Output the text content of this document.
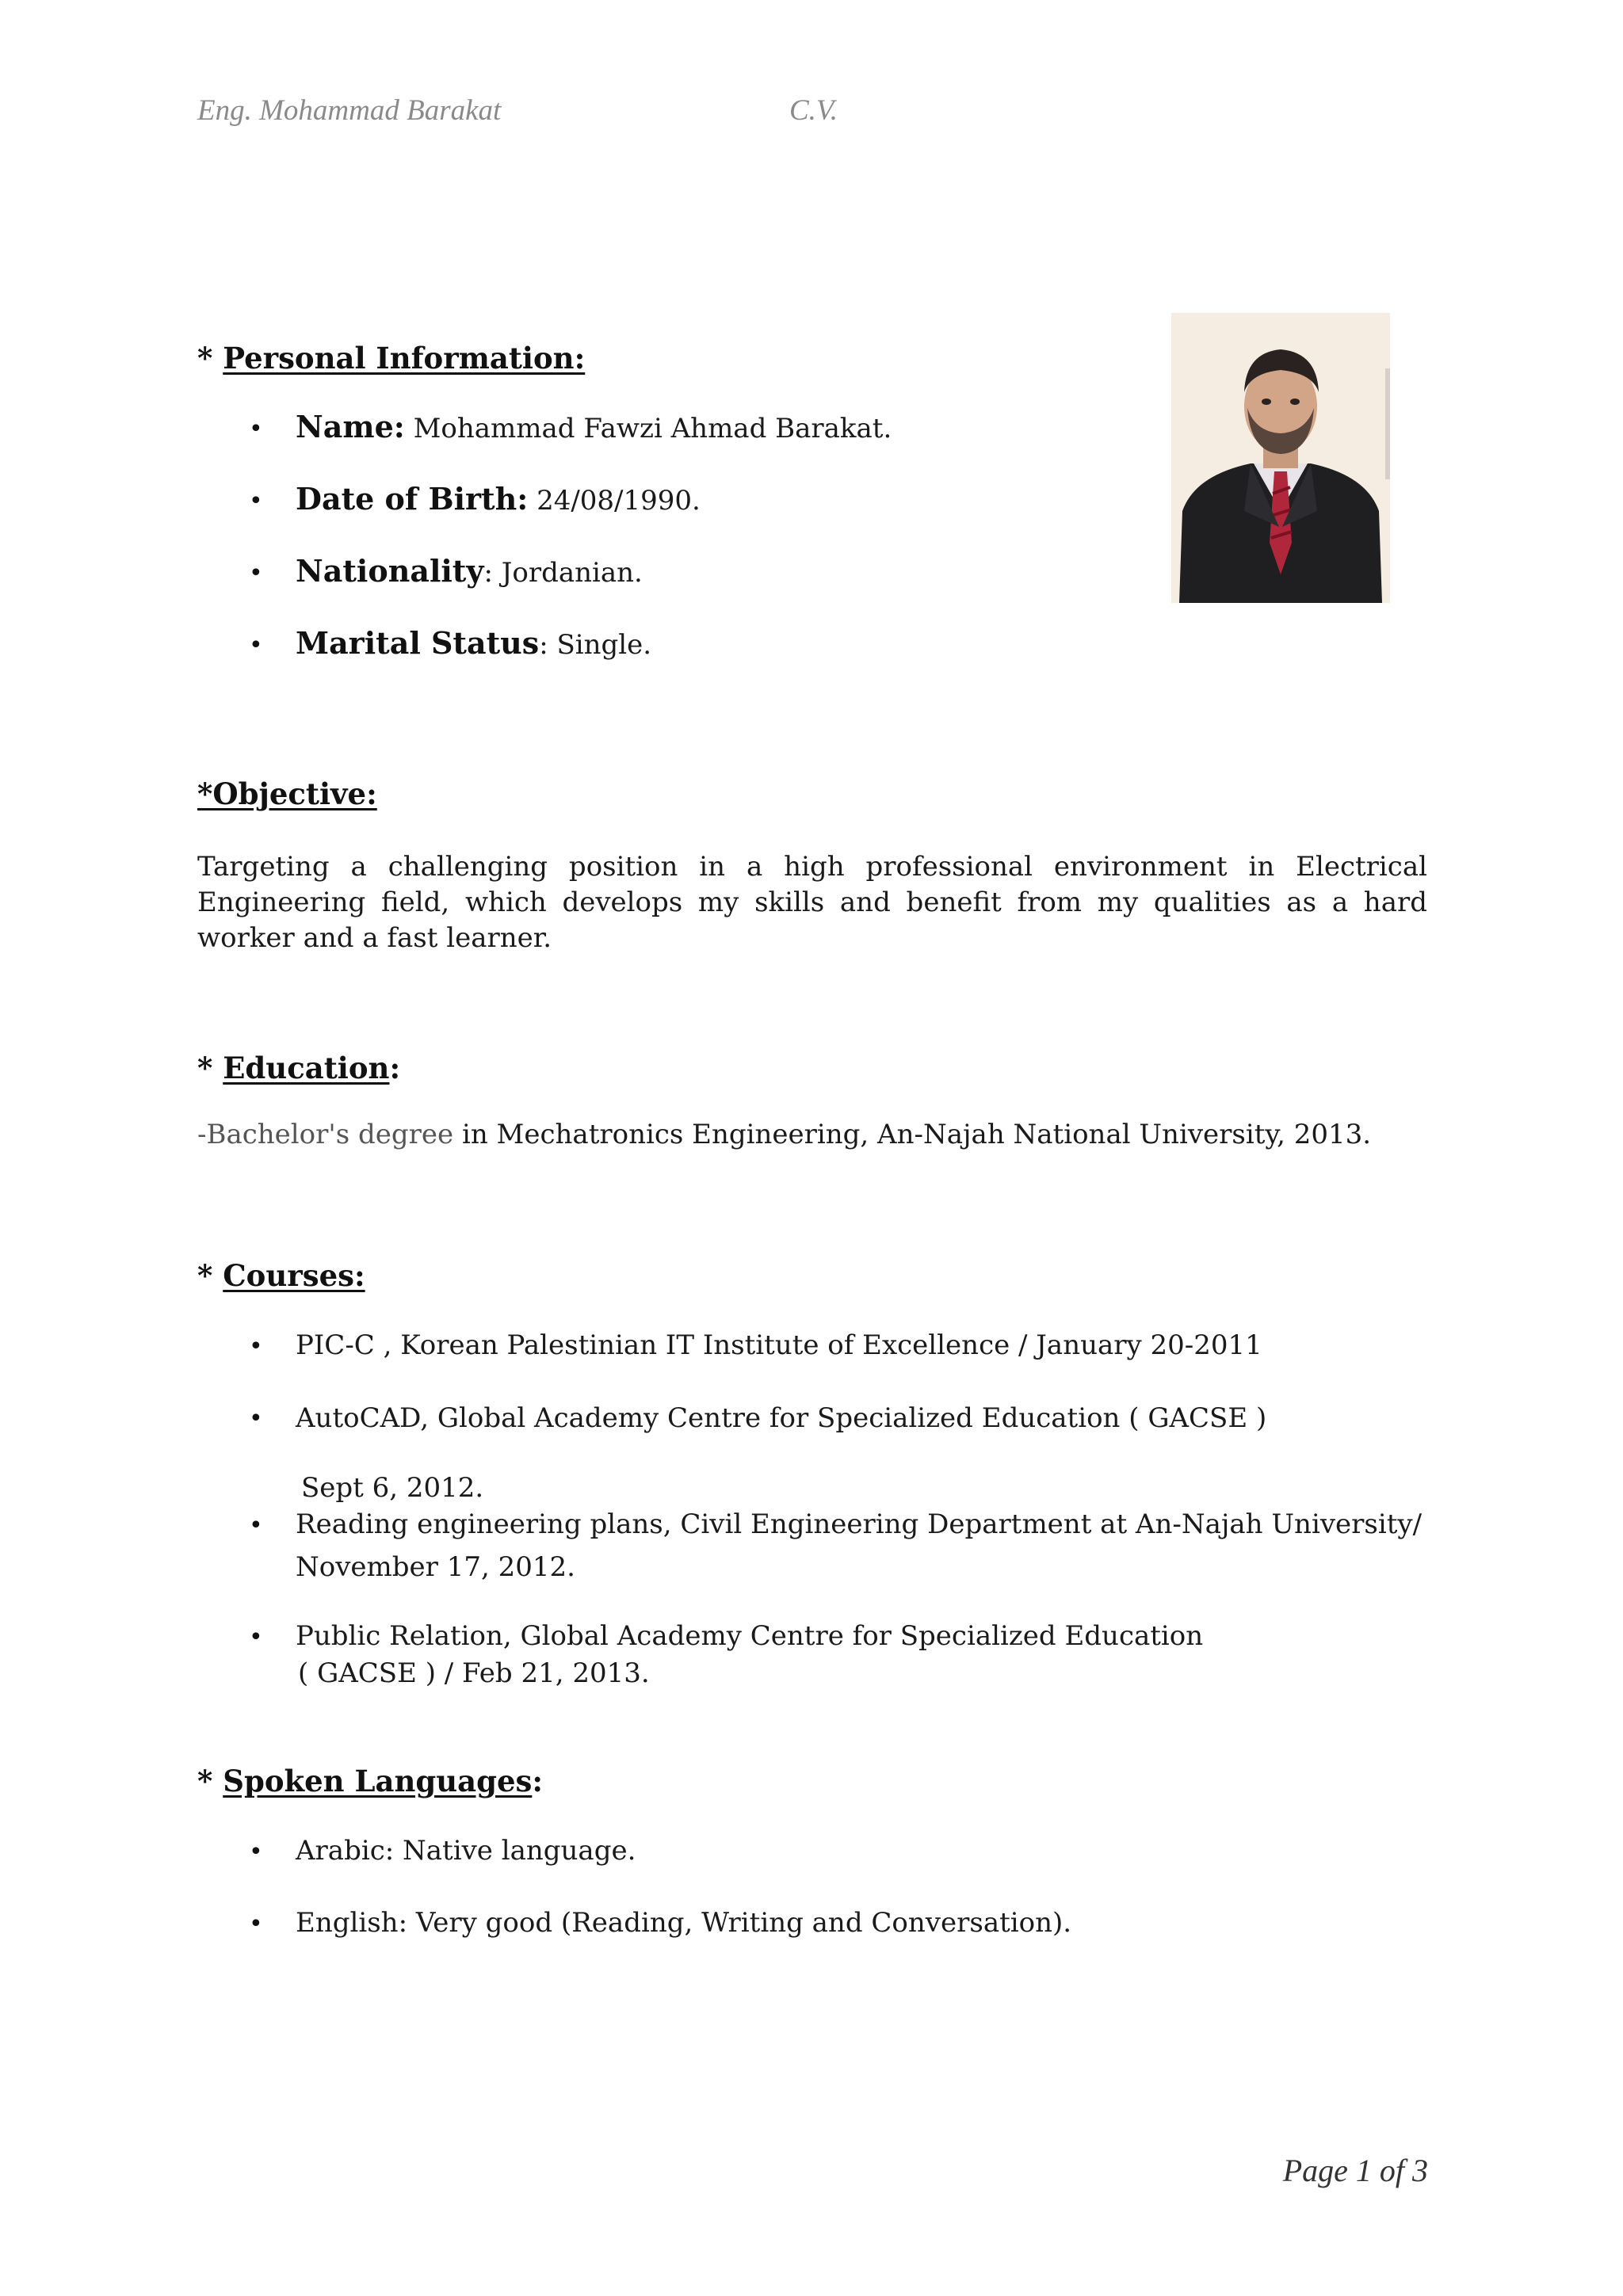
Eng. Mohammad Barakat	C.V.
* Personal Information:
• Name: Mohammad Fawzi Ahmad Barakat.
• Date of Birth: 24/08/1990.
• Nationality: Jordanian.
• Marital Status: Single.
*Objective:
Targeting a challenging position in a high professional environment in Electrical Engineering field, which develops my skills and benefit from my qualities as a hard worker and a fast learner.
* Education:
-Bachelor's degree in Mechatronics Engineering, An-Najah National University, 2013.
* Courses:
• PIC-C , Korean Palestinian IT Institute of Excellence / January 20-2011
• AutoCAD, Global Academy Centre for Specialized Education ( GACSE )
Sept 6, 2012.
• Reading engineering plans, Civil Engineering Department at An-Najah University/
November 17, 2012.
• Public Relation, Global Academy Centre for Specialized Education
( GACSE ) / Feb 21, 2013.
* Spoken Languages:
• Arabic: Native language.
• English: Very good (Reading, Writing and Conversation).
Page 1 of 3
